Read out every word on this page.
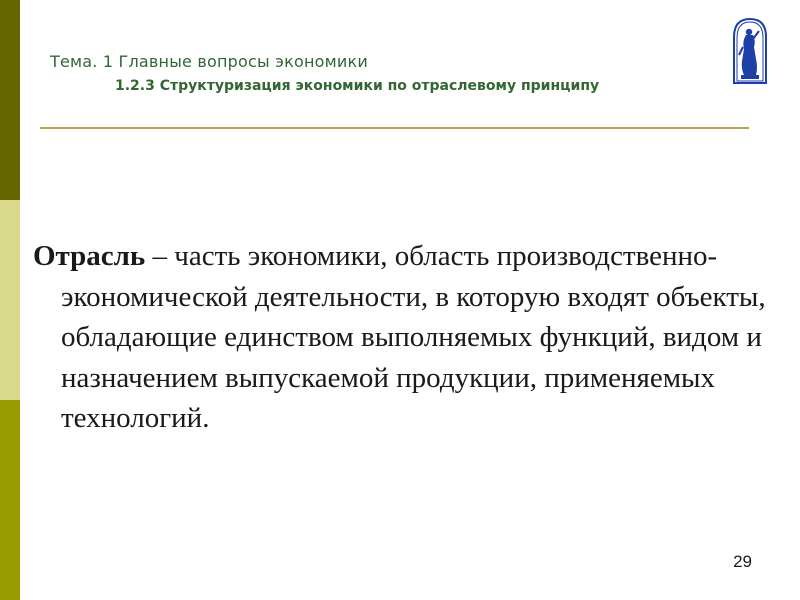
Тема. 1 Главные вопросы экономики
1.2.3 Структуризация экономики по отраслевому принципу

Отрасль – часть экономики, область производственно-экономической деятельности, в которую входят объекты, обладающие единством выполняемых функций, видом и назначением выпускаемой продукции, применяемых технологий.

29
